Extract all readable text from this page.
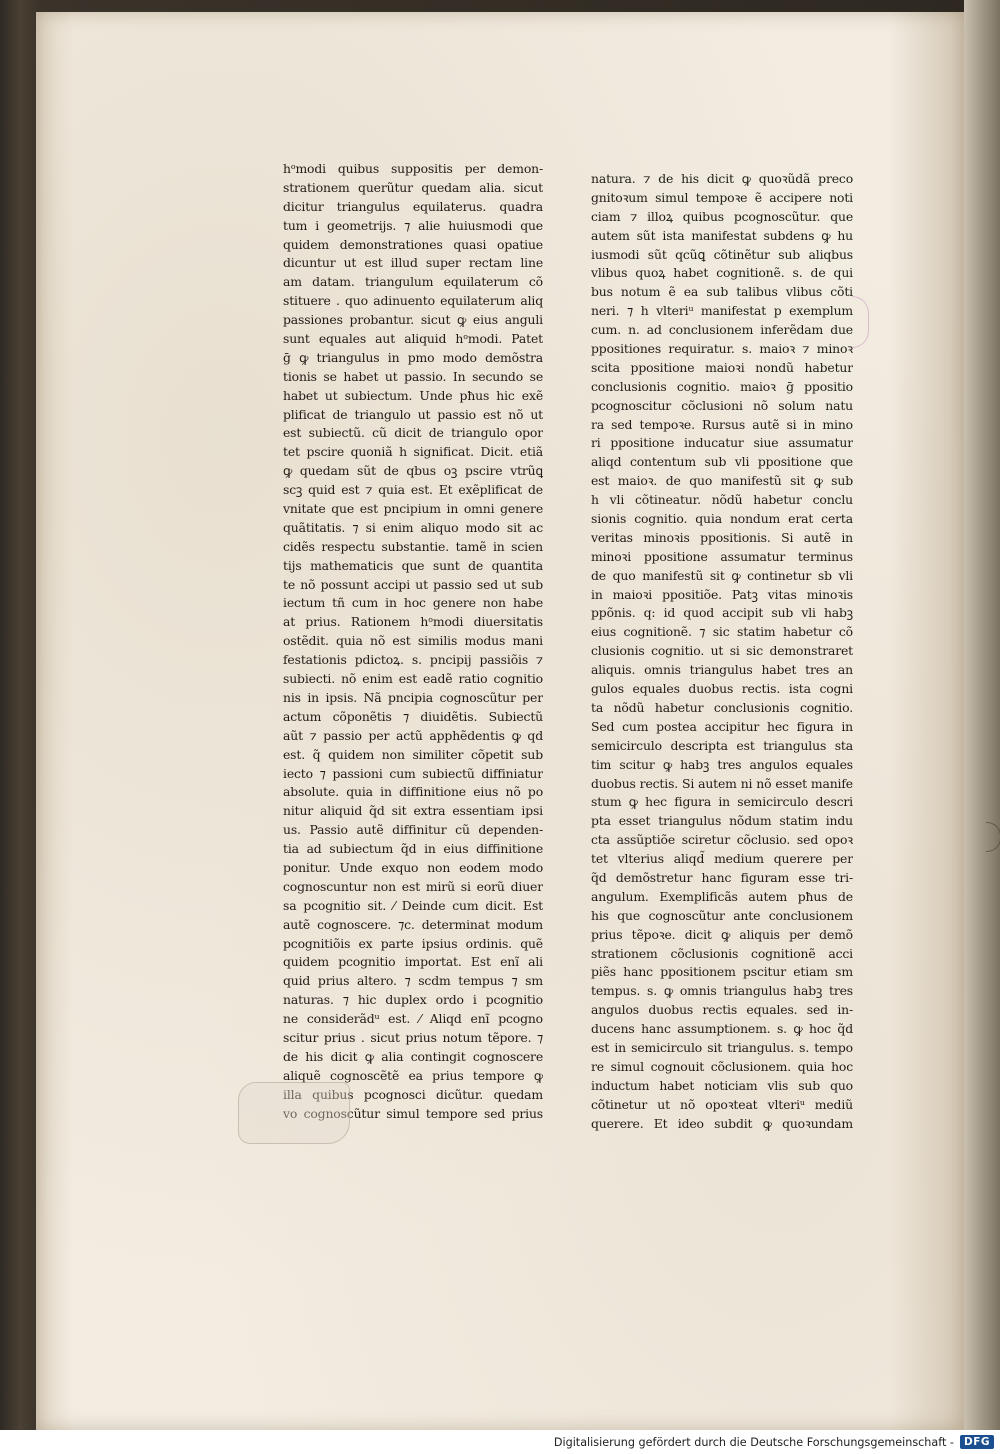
hᵒmodi quibus suppositis per demon-
strationem querũtur quedam alia. sicut
dicitur triangulus equilaterus. quadra
tum i geometrijs. ⁊ alie huiusmodi que
quidem demonstrationes quasi opatiue
dicuntur ut est illud super rectam line
am datam. triangulum equilaterum cõ
stituere . quo adinuento equilaterum aliq
passiones probantur. sicut ꝙ eius anguli
sunt equales aut aliquid hᵒmodi. Patet
ḡ ꝙ triangulus in pmo modo demõstra
tionis se habet ut passio. In secundo se
habet ut subiectum. Unde pħus hic exẽ
plificat de triangulo ut passio est nõ ut
est subiectũ. cũ dicit de triangulo opor
tet pscire quoniã h significat. Dicit. etiã
ꝙ quedam sũt de qbus oꝫ pscire vtrũꝗ
scꝫ quid est ⁊ quia est. Et exẽplificat de
vnitate que est pncipium in omni genere
quãtitatis. ⁊ si enim aliquo modo sit ac
cidẽs respectu substantie. tamẽ in scien
tijs mathematicis que sunt de quantita
te nõ possunt accipi ut passio sed ut sub
iectum tñ cum in hoc genere non habe
at prius. Rationem hᵒmodi diuersitatis
ostẽdit. quia nõ est similis modus mani
festationis pdictoꝝ. s. pncipij passiõis ⁊
subiecti. nõ enim est eadẽ ratio cognitio
nis in ipsis. Nã pncipia cognoscũtur per
actum cõponẽtis ⁊ diuidẽtis. Subiectũ
aũt ⁊ passio per actũ apphẽdentis ꝙ qd
est. q̃ quidem non similiter cõpetit sub
iecto ⁊ passioni cum subiectũ diffiniatur
absolute. quia in diffinitione eius nõ po
nitur aliquid q̃d sit extra essentiam ipsi
us. Passio autẽ diffinitur cũ dependen-
tia ad subiectum q̃d in eius diffinitione
ponitur. Unde exquo non eodem modo
cognoscuntur non est mirũ si eorũ diuer
sa pcognitio sit. ⁄ Deinde cum dicit. Est
autẽ cognoscere. ⁊c. determinat modum
pcognitiõis ex parte ipsius ordinis. quẽ
quidem pcognitio importat. Est enĩ ali
quid prius altero. ⁊ scdm tempus ⁊ sm
naturas. ⁊ hic duplex ordo i pcognitio
ne considerãdᵘ est. ⁄ Aliqd enĩ pcogno
scitur prius . sicut prius notum tẽpore. ⁊
de his dicit ꝙ alia contingit cognoscere
aliquẽ cognoscẽtẽ ea prius tempore ꝙ
illa quibus pcognosci dicũtur. quedam
vo cognoscũtur simul tempore sed prius
natura. ⁊ de his dicit ꝙ quoꝛũdã preco
gnitoꝛum simul tempoꝛe ẽ accipere noti
ciam ⁊ illoꝝ quibus pcognoscũtur. que
autem sũt ista manifestat subdens ꝙ hu
iusmodi sũt qcũꝗ cõtinẽtur sub aliqbus
vlibus quoꝝ habet cognitionẽ. s. de qui
bus notum ẽ ea sub talibus vlibus cõti
neri. ⁊ h vlteriᵘ manifestat p exemplum
cum. n. ad conclusionem inferẽdam due
ppositiones requiratur. s. maioꝛ ⁊ minoꝛ
scita ppositione maioꝛi nondũ habetur
conclusionis cognitio. maioꝛ ḡ ppositio
pcognoscitur cõclusioni nõ solum natu
ra sed tempoꝛe. Rursus autẽ si in mino
ri ppositione inducatur siue assumatur
aliqd contentum sub vli ppositione que
est maioꝛ. de quo manifestũ sit ꝙ sub
h vli cõtineatur. nõdũ habetur conclu
sionis cognitio. quia nondum erat certa
veritas minoꝛis ppositionis. Si autẽ in
minoꝛi ppositione assumatur terminus
de quo manifestũ sit ꝙ continetur sb vli
in maioꝛi ppositiõe. Patꝫ vitas minoꝛis
ppõnis. q: id quod accipit sub vli habꝫ
eius cognitionẽ. ⁊ sic statim habetur cõ
clusionis cognitio. ut si sic demonstraret
aliquis. omnis triangulus habet tres an
gulos equales duobus rectis. ista cogni
ta nõdũ habetur conclusionis cognitio.
Sed cum postea accipitur hec figura in
semicirculo descripta est triangulus sta
tim scitur ꝙ habꝫ tres angulos equales
duobus rectis. Si autem ni nõ esset manife
stum ꝙ hec figura in semicirculo descri
pta esset triangulus nõdum statim indu
cta assũptiõe sciretur cõclusio. sed opoꝛ
tet vlterius aliqd̃ medium querere per
q̃d demõstretur hanc figuram esse tri-
angulum. Exemplificãs autem pħus de
his que cognoscũtur ante conclusionem
prius tẽpoꝛe. dicit ꝙ aliquis per demõ
strationem cõclusionis cognitionẽ acci
piẽs hanc ppositionem pscitur etiam sm
tempus. s. ꝙ omnis triangulus habꝫ tres
angulos duobus rectis equales. sed in-
ducens hanc assumptionem. s. ꝙ hoc q̃d
est in semicirculo sit triangulus. s. tempo
re simul cognouit cõclusionem. quia hoc
inductum habet noticiam vlis sub quo
cõtinetur ut nõ opoꝛteat vlteriᵘ mediũ
querere. Et ideo subdit ꝙ quoꝛundam
Digitalisierung gefördert durch die Deutsche Forschungsgemeinschaft - DFG
